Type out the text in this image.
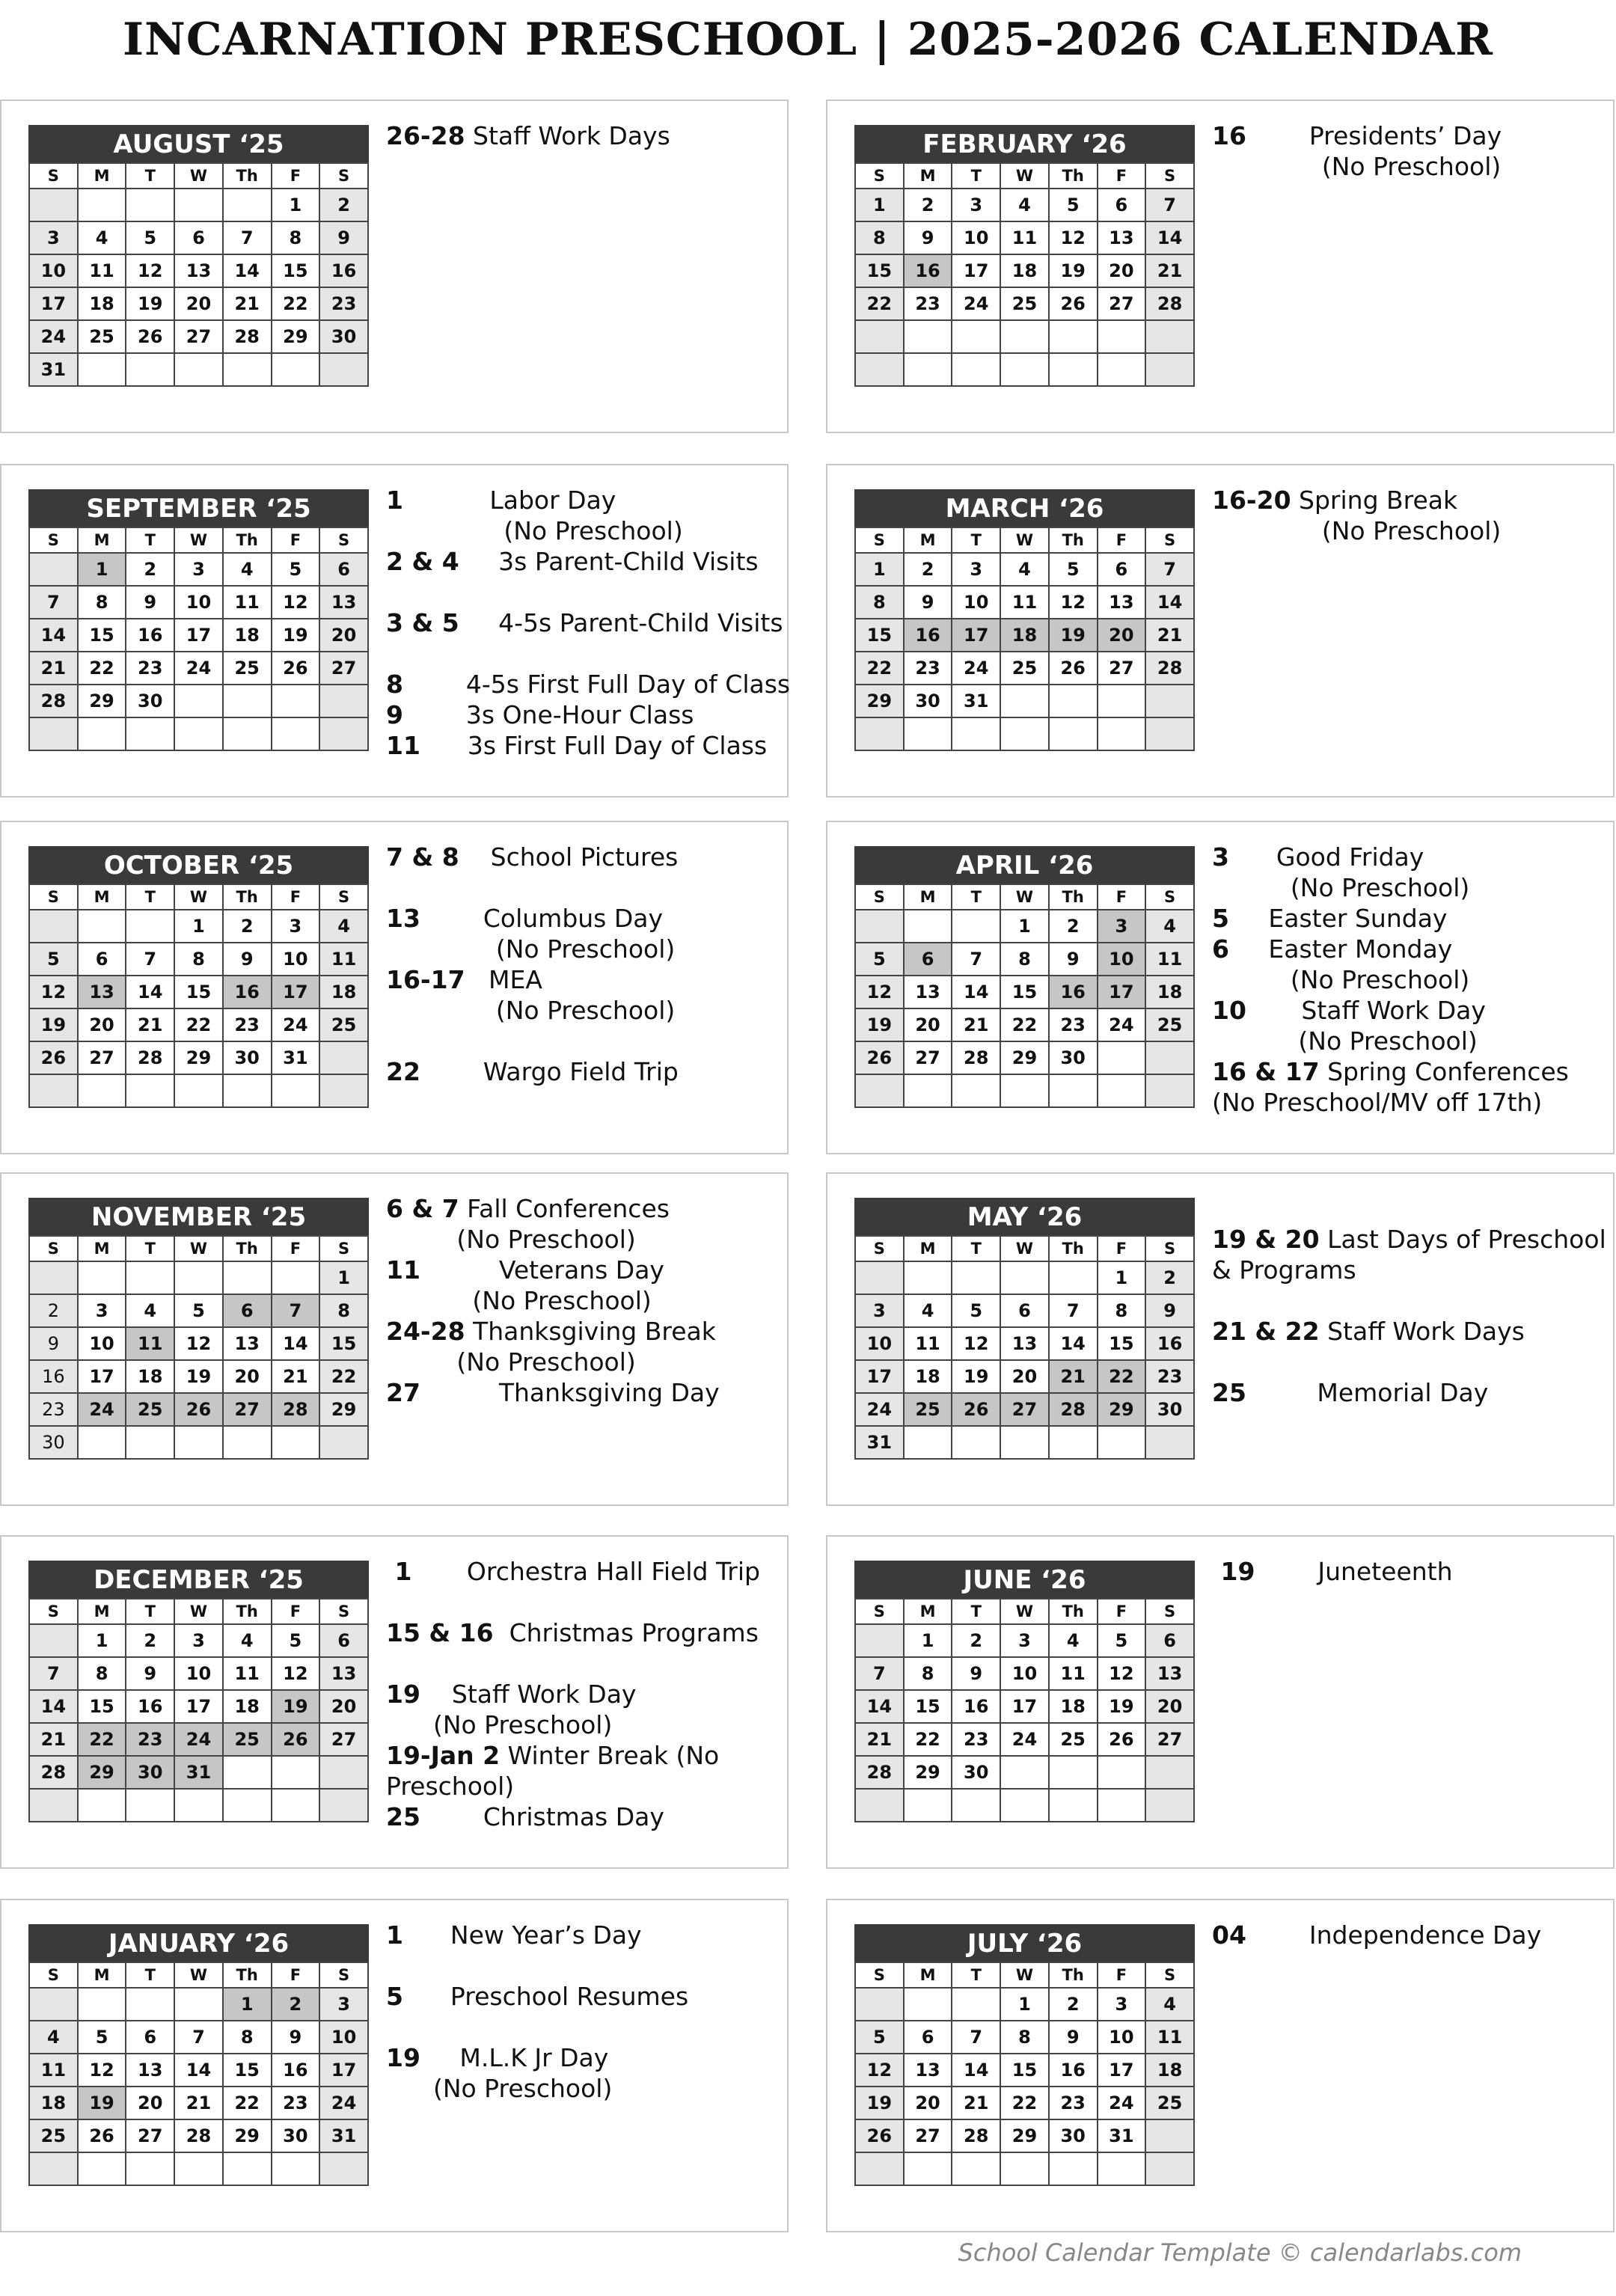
INCARNATION PRESCHOOL | 2025-2026 CALENDAR
AUGUST ‘25
S	M	T	W	Th	F	S
					1	2
3	4	5	6	7	8	9
10	11	12	13	14	15	16
17	18	19	20	21	22	23
24	25	26	27	28	29	30
31						
26-28 Staff Work Days	FEBRUARY ‘26
S	M	T	W	Th	F	S
1	2	3	4	5	6	7
8	9	10	11	12	13	14
15	16	17	18	19	20	21
22	23	24	25	26	27	28

16        Presidents’ Day
(No Preschool)
SEPTEMBER ‘25
S	M	T	W	Th	F	S
	1	2	3	4	5	6
7	8	9	10	11	12	13
14	15	16	17	18	19	20
21	22	23	24	25	26	27
28	29	30				

1           Labor Day
(No Preschool)
2 & 4     3s Parent-Child Visits

3 & 5     4-5s Parent-Child Visits

8        4-5s First Full Day of Class
9        3s One-Hour Class
11      3s First Full Day of Class
MARCH ‘26
S	M	T	W	Th	F	S
1	2	3	4	5	6	7
8	9	10	11	12	13	14
15	16	17	18	19	20	21
22	23	24	25	26	27	28
29	30	31				

16-20 Spring Break
(No Preschool)
OCTOBER ‘25
S	M	T	W	Th	F	S
			1	2	3	4
5	6	7	8	9	10	11
12	13	14	15	16	17	18
19	20	21	22	23	24	25
26	27	28	29	30	31	

7 & 8    School Pictures

13        Columbus Day
(No Preschool)
16-17   MEA
(No Preschool)

22        Wargo Field Trip
APRIL ‘26
S	M	T	W	Th	F	S
			1	2	3	4
5	6	7	8	9	10	11
12	13	14	15	16	17	18
19	20	21	22	23	24	25
26	27	28	29	30		

3      Good Friday
(No Preschool)
5     Easter Sunday
6     Easter Monday
(No Preschool)
10       Staff Work Day
(No Preschool)
16 & 17 Spring Conferences
(No Preschool/MV off 17th)
NOVEMBER ‘25
S	M	T	W	Th	F	S
						1
2	3	4	5	6	7	8
9	10	11	12	13	14	15
16	17	18	19	20	21	22
23	24	25	26	27	28	29
30						
6 & 7 Fall Conferences
(No Preschool)
11          Veterans Day
(No Preschool)
24-28 Thanksgiving Break
(No Preschool)
27          Thanksgiving Day
MAY ‘26
S	M	T	W	Th	F	S
					1	2
3	4	5	6	7	8	9
10	11	12	13	14	15	16
17	18	19	20	21	22	23
24	25	26	27	28	29	30
31						

19 & 20 Last Days of Preschool
& Programs

21 & 22 Staff Work Days

25         Memorial Day
DECEMBER ‘25
S	M	T	W	Th	F	S
	1	2	3	4	5	6
7	8	9	10	11	12	13
14	15	16	17	18	19	20
21	22	23	24	25	26	27
28	29	30	31			

1       Orchestra Hall Field Trip

15 & 16  Christmas Programs

19    Staff Work Day
(No Preschool)
19-Jan 2 Winter Break (No
Preschool)
25        Christmas Day
JUNE ‘26
S	M	T	W	Th	F	S
	1	2	3	4	5	6
7	8	9	10	11	12	13
14	15	16	17	18	19	20
21	22	23	24	25	26	27
28	29	30				

19        Juneteenth
JANUARY ‘26
S	M	T	W	Th	F	S
				1	2	3
4	5	6	7	8	9	10
11	12	13	14	15	16	17
18	19	20	21	22	23	24
25	26	27	28	29	30	31

1      New Year’s Day

5      Preschool Resumes

19     M.L.K Jr Day
(No Preschool)
JULY ‘26
S	M	T	W	Th	F	S
			1	2	3	4
5	6	7	8	9	10	11
12	13	14	15	16	17	18
19	20	21	22	23	24	25
26	27	28	29	30	31	

04        Independence Day
School Calendar Template © calendarlabs.com
